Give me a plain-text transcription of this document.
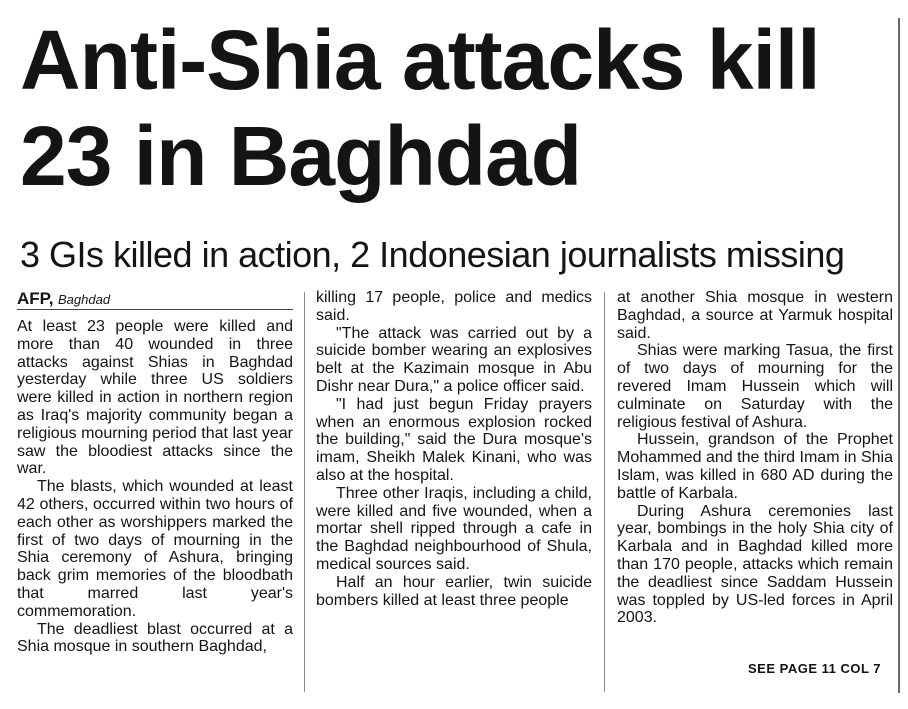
Anti-Shia attacks kill
23 in Baghdad
3 GIs killed in action, 2 Indonesian journalists missing
AFP, Baghdad

At least 23 people were killed and more than 40 wounded in three attacks against Shias in Baghdad yesterday while three US soldiers were killed in action in northern region as Iraq's majority community began a religious mourning period that last year saw the bloodiest attacks since the war.

The blasts, which wounded at least 42 others, occurred within two hours of each other as worshippers marked the first of two days of mourning in the Shia ceremony of Ashura, bringing back grim memories of the bloodbath that marred last year's commemoration.

The deadliest blast occurred at a Shia mosque in southern Baghdad,

killing 17 people, police and medics said.

"The attack was carried out by a suicide bomber wearing an explosives belt at the Kazimain mosque in Abu Dishr near Dura," a police officer said.

"I had just begun Friday prayers when an enormous explosion rocked the building," said the Dura mosque's imam, Sheikh Malek Kinani, who was also at the hospital.

Three other Iraqis, including a child, were killed and five wounded, when a mortar shell ripped through a cafe in the Baghdad neighbourhood of Shula, medical sources said.

Half an hour earlier, twin suicide bombers killed at least three people

at another Shia mosque in western Baghdad, a source at Yarmuk hospital said.

Shias were marking Tasua, the first of two days of mourning for the revered Imam Hussein which will culminate on Saturday with the religious festival of Ashura.

Hussein, grandson of the Prophet Mohammed and the third Imam in Shia Islam, was killed in 680 AD during the battle of Karbala.

During Ashura ceremonies last year, bombings in the holy Shia city of Karbala and in Baghdad killed more than 170 people, attacks which remain the deadliest since Saddam Hussein was toppled by US-led forces in April 2003.

SEE PAGE 11 COL 7
